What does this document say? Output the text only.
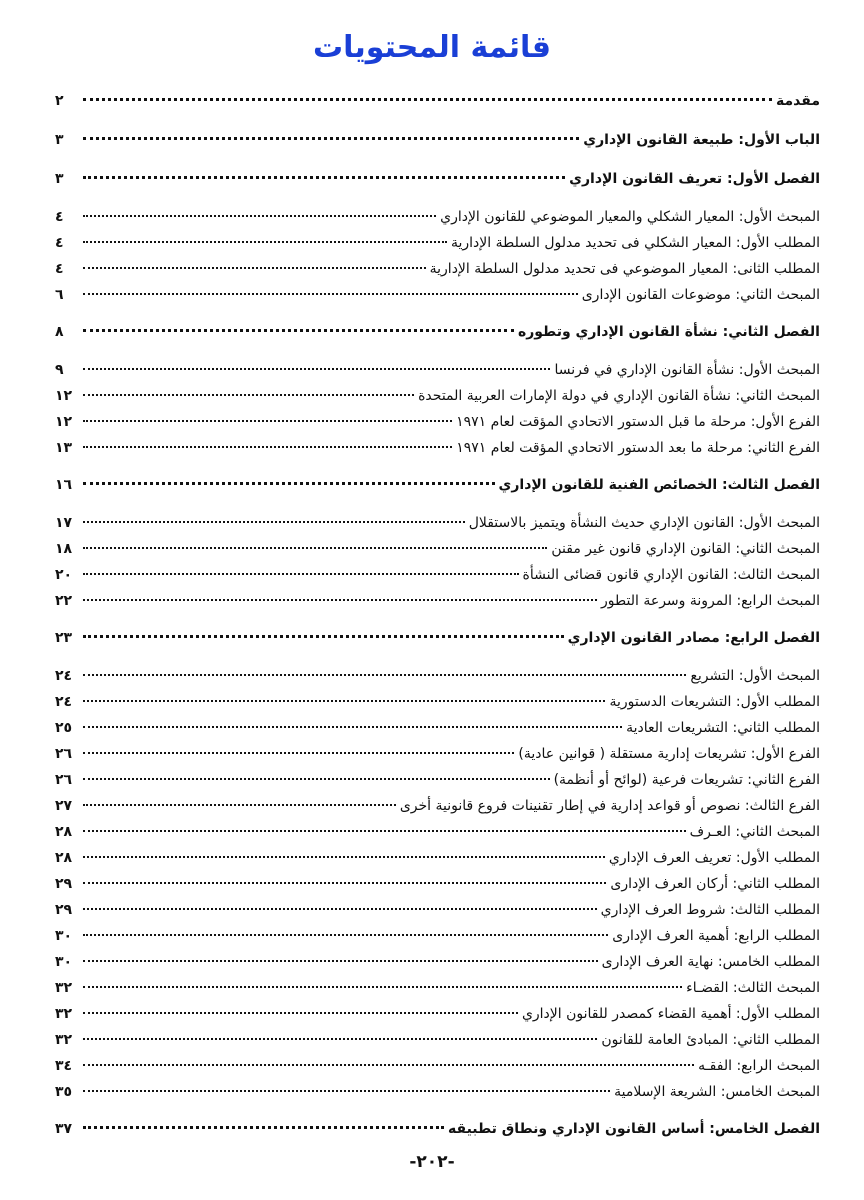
قائمة المحتويات
مقدمة
٢
الباب الأول: طبيعة القانون الإداري
٣
الفصل الأول: تعريف القانون الإداري
٣
المبحث الأول: المعيار الشكلي والمعيار الموضوعي للقانون الإداري
٤
المطلب الأول: المعيار الشكلي فى تحديد مدلول السلطة الإدارية
٤
المطلب الثانى: المعيار الموضوعي فى تحديد مدلول السلطة الإدارية
٤
المبحث الثاني: موضوعات القانون الإدارى
٦
الفصل الثاني: نشأة القانون الإداري وتطوره
٨
المبحث الأول: نشأة القانون الإداري في فرنسا
٩
المبحث الثاني: نشأة القانون الإداري في دولة الإمارات العربية المتحدة
١٢
الفرع الأول: مرحلة ما قبل الدستور الاتحادي المؤقت لعام ١٩٧١
١٢
الفرع الثاني: مرحلة ما بعد الدستور الاتحادي المؤقت لعام ١٩٧١
١٣
الفصل الثالث: الخصائص الفنية للقانون الإداري
١٦
المبحث الأول: القانون الإداري حديث النشأة ويتميز بالاستقلال
١٧
المبحث الثاني: القانون الإداري قانون غير مقنن
١٨
المبحث الثالث: القانون الإداري قانون قضائى النشأة
٢٠
المبحث الرابع: المرونة وسرعة التطور
٢٢
الفصل الرابع: مصادر القانون الإداري
٢٣
المبحث الأول: التشريع
٢٤
المطلب الأول: التشريعات الدستورية
٢٤
المطلب الثاني: التشريعات العادية
٢٥
الفرع الأول: تشريعات إدارية مستقلة ( قوانين عادية)
٢٦
الفرع الثاني: تشريعات فرعية (لوائح أو أنظمة)
٢٦
الفرع الثالث: نصوص أو قواعد إدارية في إطار تقنينات فروع قانونية أخرى
٢٧
المبحث الثاني: العـرف
٢٨
المطلب الأول: تعريف العرف الإداري
٢٨
المطلب الثاني: أركان العرف الإدارى
٢٩
المطلب الثالث: شروط العرف الإداري
٢٩
المطلب الرابع: أهمية العرف الإدارى
٣٠
المطلب الخامس: نهاية العرف الإدارى
٣٠
المبحث الثالث: القضـاء
٣٢
المطلب الأول: أهمية القضاء كمصدر للقانون الإداري
٣٢
المطلب الثاني: المبادئ العامة للقانون
٣٢
المبحث الرابع: الفقـه
٣٤
المبحث الخامس: الشريعة الإسلامية
٣٥
الفصل الخامس: أساس القانون الإداري ونطاق تطبيقه
٣٧
-٢٠٢-
